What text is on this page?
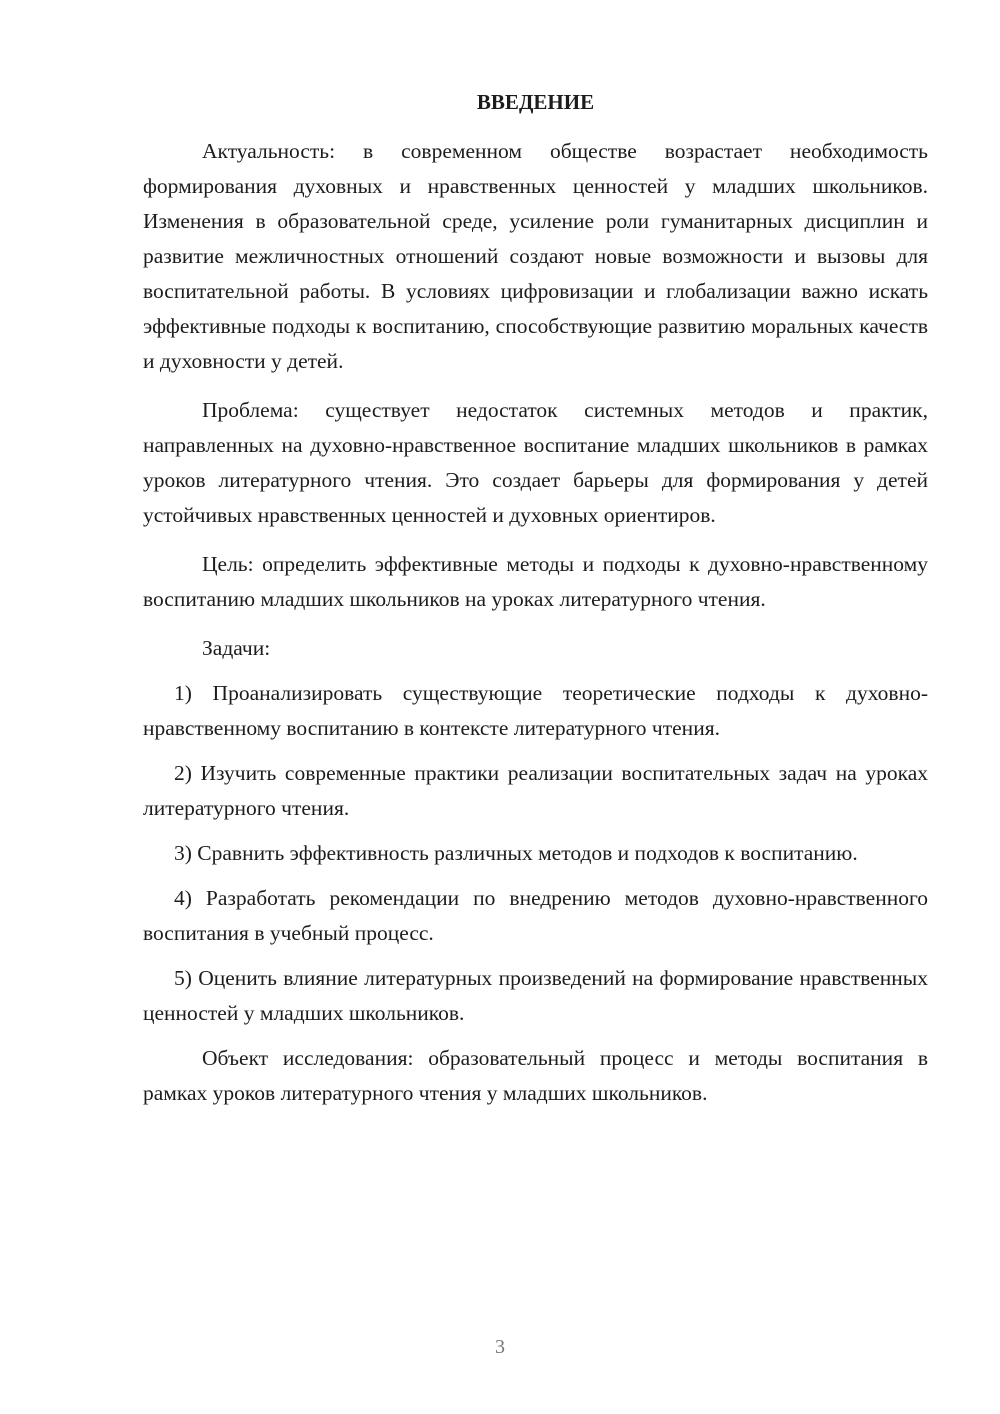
ВВЕДЕНИЕ

Актуальность: в современном обществе возрастает необходимость формирования духовных и нравственных ценностей у младших школьников. Изменения в образовательной среде, усиление роли гуманитарных дисциплин и развитие межличностных отношений создают новые возможности и вызовы для воспитательной работы. В условиях цифровизации и глобализации важно искать эффективные подходы к воспитанию, способствующие развитию моральных качеств и духовности у детей.

Проблема: существует недостаток системных методов и практик, направленных на духовно-нравственное воспитание младших школьников в рамках уроков литературного чтения. Это создает барьеры для формирования у детей устойчивых нравственных ценностей и духовных ориентиров.

Цель: определить эффективные методы и подходы к духовно-нравственному воспитанию младших школьников на уроках литературного чтения.

Задачи:

1) Проанализировать существующие теоретические подходы к духовно-нравственному воспитанию в контексте литературного чтения.

2) Изучить современные практики реализации воспитательных задач на уроках литературного чтения.

3) Сравнить эффективность различных методов и подходов к воспитанию.

4) Разработать рекомендации по внедрению методов духовно-нравственного воспитания в учебный процесс.

5) Оценить влияние литературных произведений на формирование нравственных ценностей у младших школьников.

Объект исследования: образовательный процесс и методы воспитания в рамках уроков литературного чтения у младших школьников.

3
